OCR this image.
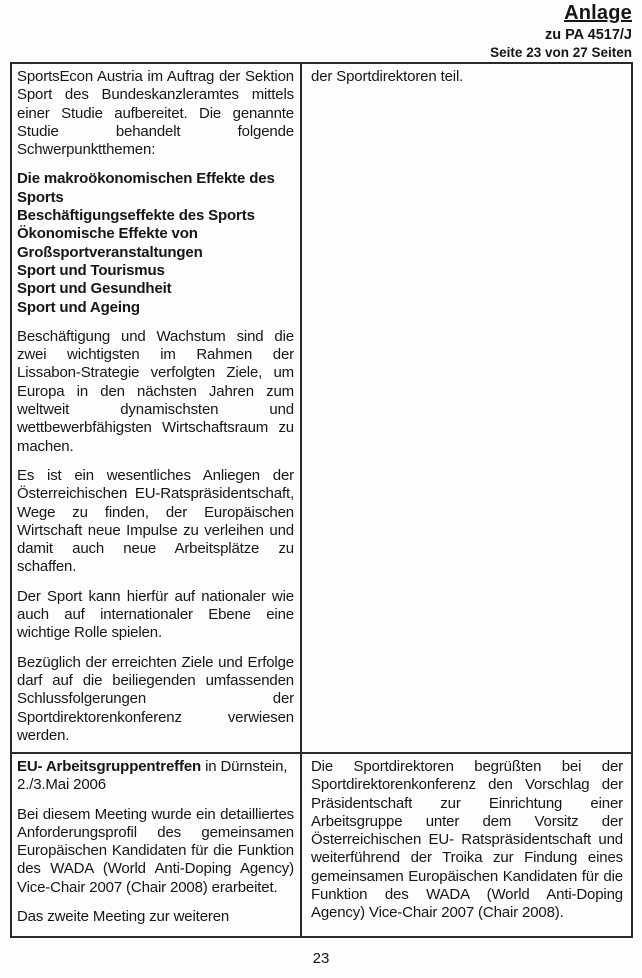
Anlage
zu PA 4517/J
Seite 23 von 27 Seiten
SportsEcon Austria im Auftrag der Sektion Sport des Bundeskanzleramtes mittels einer Studie aufbereitet. Die genannte Studie behandelt folgende Schwerpunktthemen:
Die makroökonomischen Effekte des Sports
Beschäftigungseffekte des Sports
Ökonomische Effekte von Großsportveranstaltungen
Sport und Tourismus
Sport und Gesundheit
Sport und Ageing
Beschäftigung und Wachstum sind die zwei wichtigsten im Rahmen der Lissabon-Strategie verfolgten Ziele, um Europa in den nächsten Jahren zum weltweit dynamischsten und wettbewerbfähigsten Wirtschaftsraum zu machen.
Es ist ein wesentliches Anliegen der Österreichischen EU-Ratspräsidentschaft, Wege zu finden, der Europäischen Wirtschaft neue Impulse zu verleihen und damit auch neue Arbeitsplätze zu schaffen.
Der Sport kann hierfür auf nationaler wie auch auf internationaler Ebene eine wichtige Rolle spielen.
Bezüglich der erreichten Ziele und Erfolge darf auf die beiliegenden umfassenden Schlussfolgerungen der Sportdirektorenkonferenz verwiesen werden.
der Sportdirektoren teil.
EU- Arbeitsgruppentreffen in Dürnstein,
2./3.Mai 2006
Bei diesem Meeting wurde ein detailliertes Anforderungsprofil des gemeinsamen Europäischen Kandidaten für die Funktion des WADA (World Anti-Doping Agency) Vice-Chair 2007 (Chair 2008) erarbeitet.
Das zweite Meeting zur weiteren
Die Sportdirektoren begrüßten bei der Sportdirektorenkonferenz den Vorschlag der Präsidentschaft zur Einrichtung einer Arbeitsgruppe unter dem Vorsitz der Österreichischen EU- Ratspräsidentschaft und weiterführend der Troika zur Findung eines gemeinsamen Europäischen Kandidaten für die Funktion des WADA (World Anti-Doping Agency) Vice-Chair 2007 (Chair 2008).
23
